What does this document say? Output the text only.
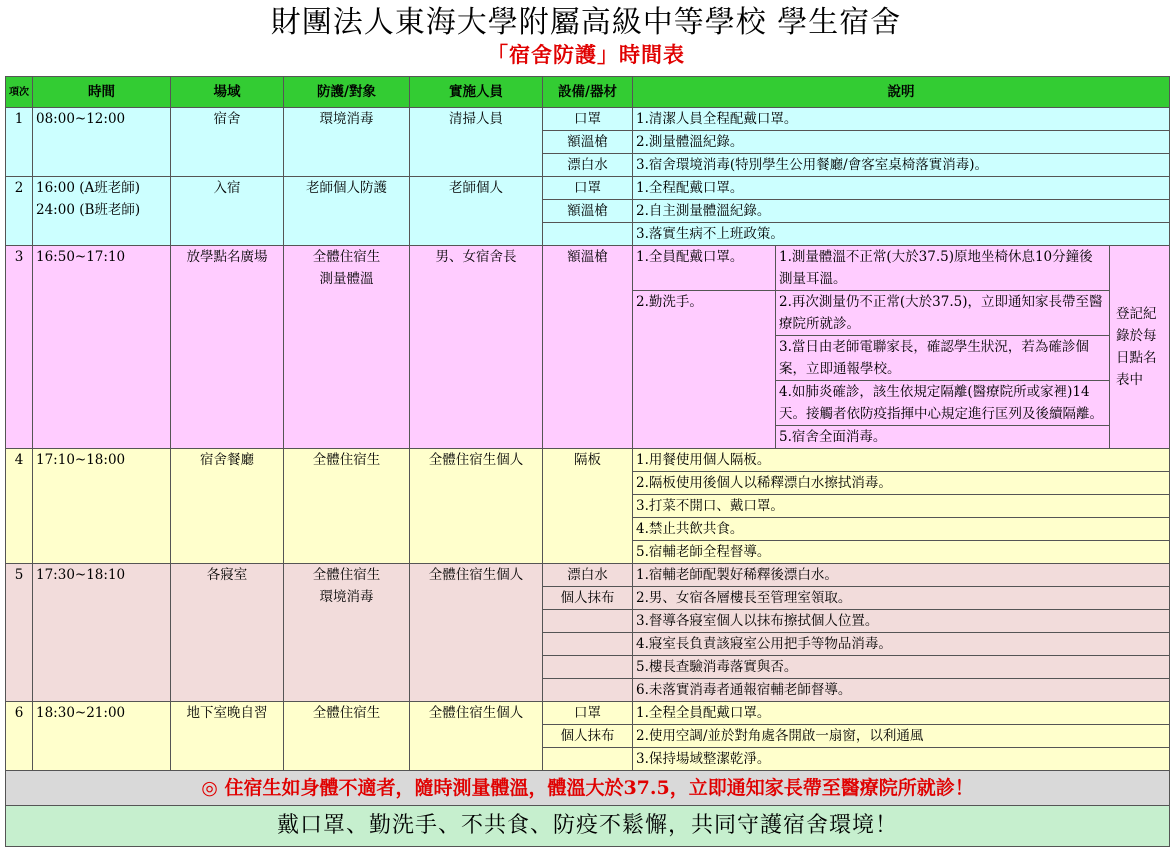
財團法人東海大學附屬高級中等學校 學生宿舍
「宿舍防護」時間表
項次	時間	場域	防護/對象	實施人員	設備/器材	說明		
1	08:00~12:00	宿舍	環境消毒	清掃人員	口罩	1.清潔人員全程配戴口罩。		
					額溫槍	2.測量體溫紀錄。		
					漂白水	3.宿舍環境消毒(特別學生公用餐廳/會客室桌椅落實消毒)。		
2	16:00 (A班老師)
24:00 (B班老師)	入宿	老師個人防護	老師個人	口罩	1.全程配戴口罩。		
					額溫槍	2.自主測量體溫紀錄。		
						3.落實生病不上班政策。		
3	16:50~17:10	放學點名廣場	全體住宿生
測量體溫	男、女宿舍長	額溫槍	1.全員配戴口罩。	1.測量體溫不正常(大於37.5)原地坐椅休息10分鐘後測量耳溫。	登記紀錄於每日點名表中
						2.勤洗手。	2.再次測量仍不正常(大於37.5)，立即通知家長帶至醫療院所就診。	
							3.當日由老師電聯家長，確認學生狀況，若為確診個案，立即通報學校。	
							4.如肺炎確診，該生依規定隔離(醫療院所或家裡)14天。接觸者依防疫指揮中心規定進行匡列及後續隔離。	
							5.宿舍全面消毒。	
4	17:10~18:00	宿舍餐廳	全體住宿生	全體住宿生個人	隔板	1.用餐使用個人隔板。		
						2.隔板使用後個人以稀釋漂白水擦拭消毒。		
						3.打菜不開口、戴口罩。		
						4.禁止共飲共食。		
						5.宿輔老師全程督導。		
5	17:30~18:10	各寢室	全體住宿生
環境消毒	全體住宿生個人	漂白水	1.宿輔老師配製好稀釋後漂白水。		
					個人抹布	2.男、女宿各層樓長至管理室領取。		
						3.督導各寢室個人以抹布擦拭個人位置。		
						4.寢室長負責該寢室公用把手等物品消毒。		
						5.樓長查驗消毒落實與否。		
						6.未落實消毒者通報宿輔老師督導。		
6	18:30~21:00	地下室晚自習	全體住宿生	全體住宿生個人	口罩	1.全程全員配戴口罩。		
					個人抹布	2.使用空調/並於對角處各開啟一扇窗，以利通風		
						3.保持場域整潔乾淨。		
◎ 住宿生如身體不適者，隨時測量體溫，體溫大於37.5，立即通知家長帶至醫療院所就診！								
戴口罩、勤洗手、不共食、防疫不鬆懈，共同守護宿舍環境！								
